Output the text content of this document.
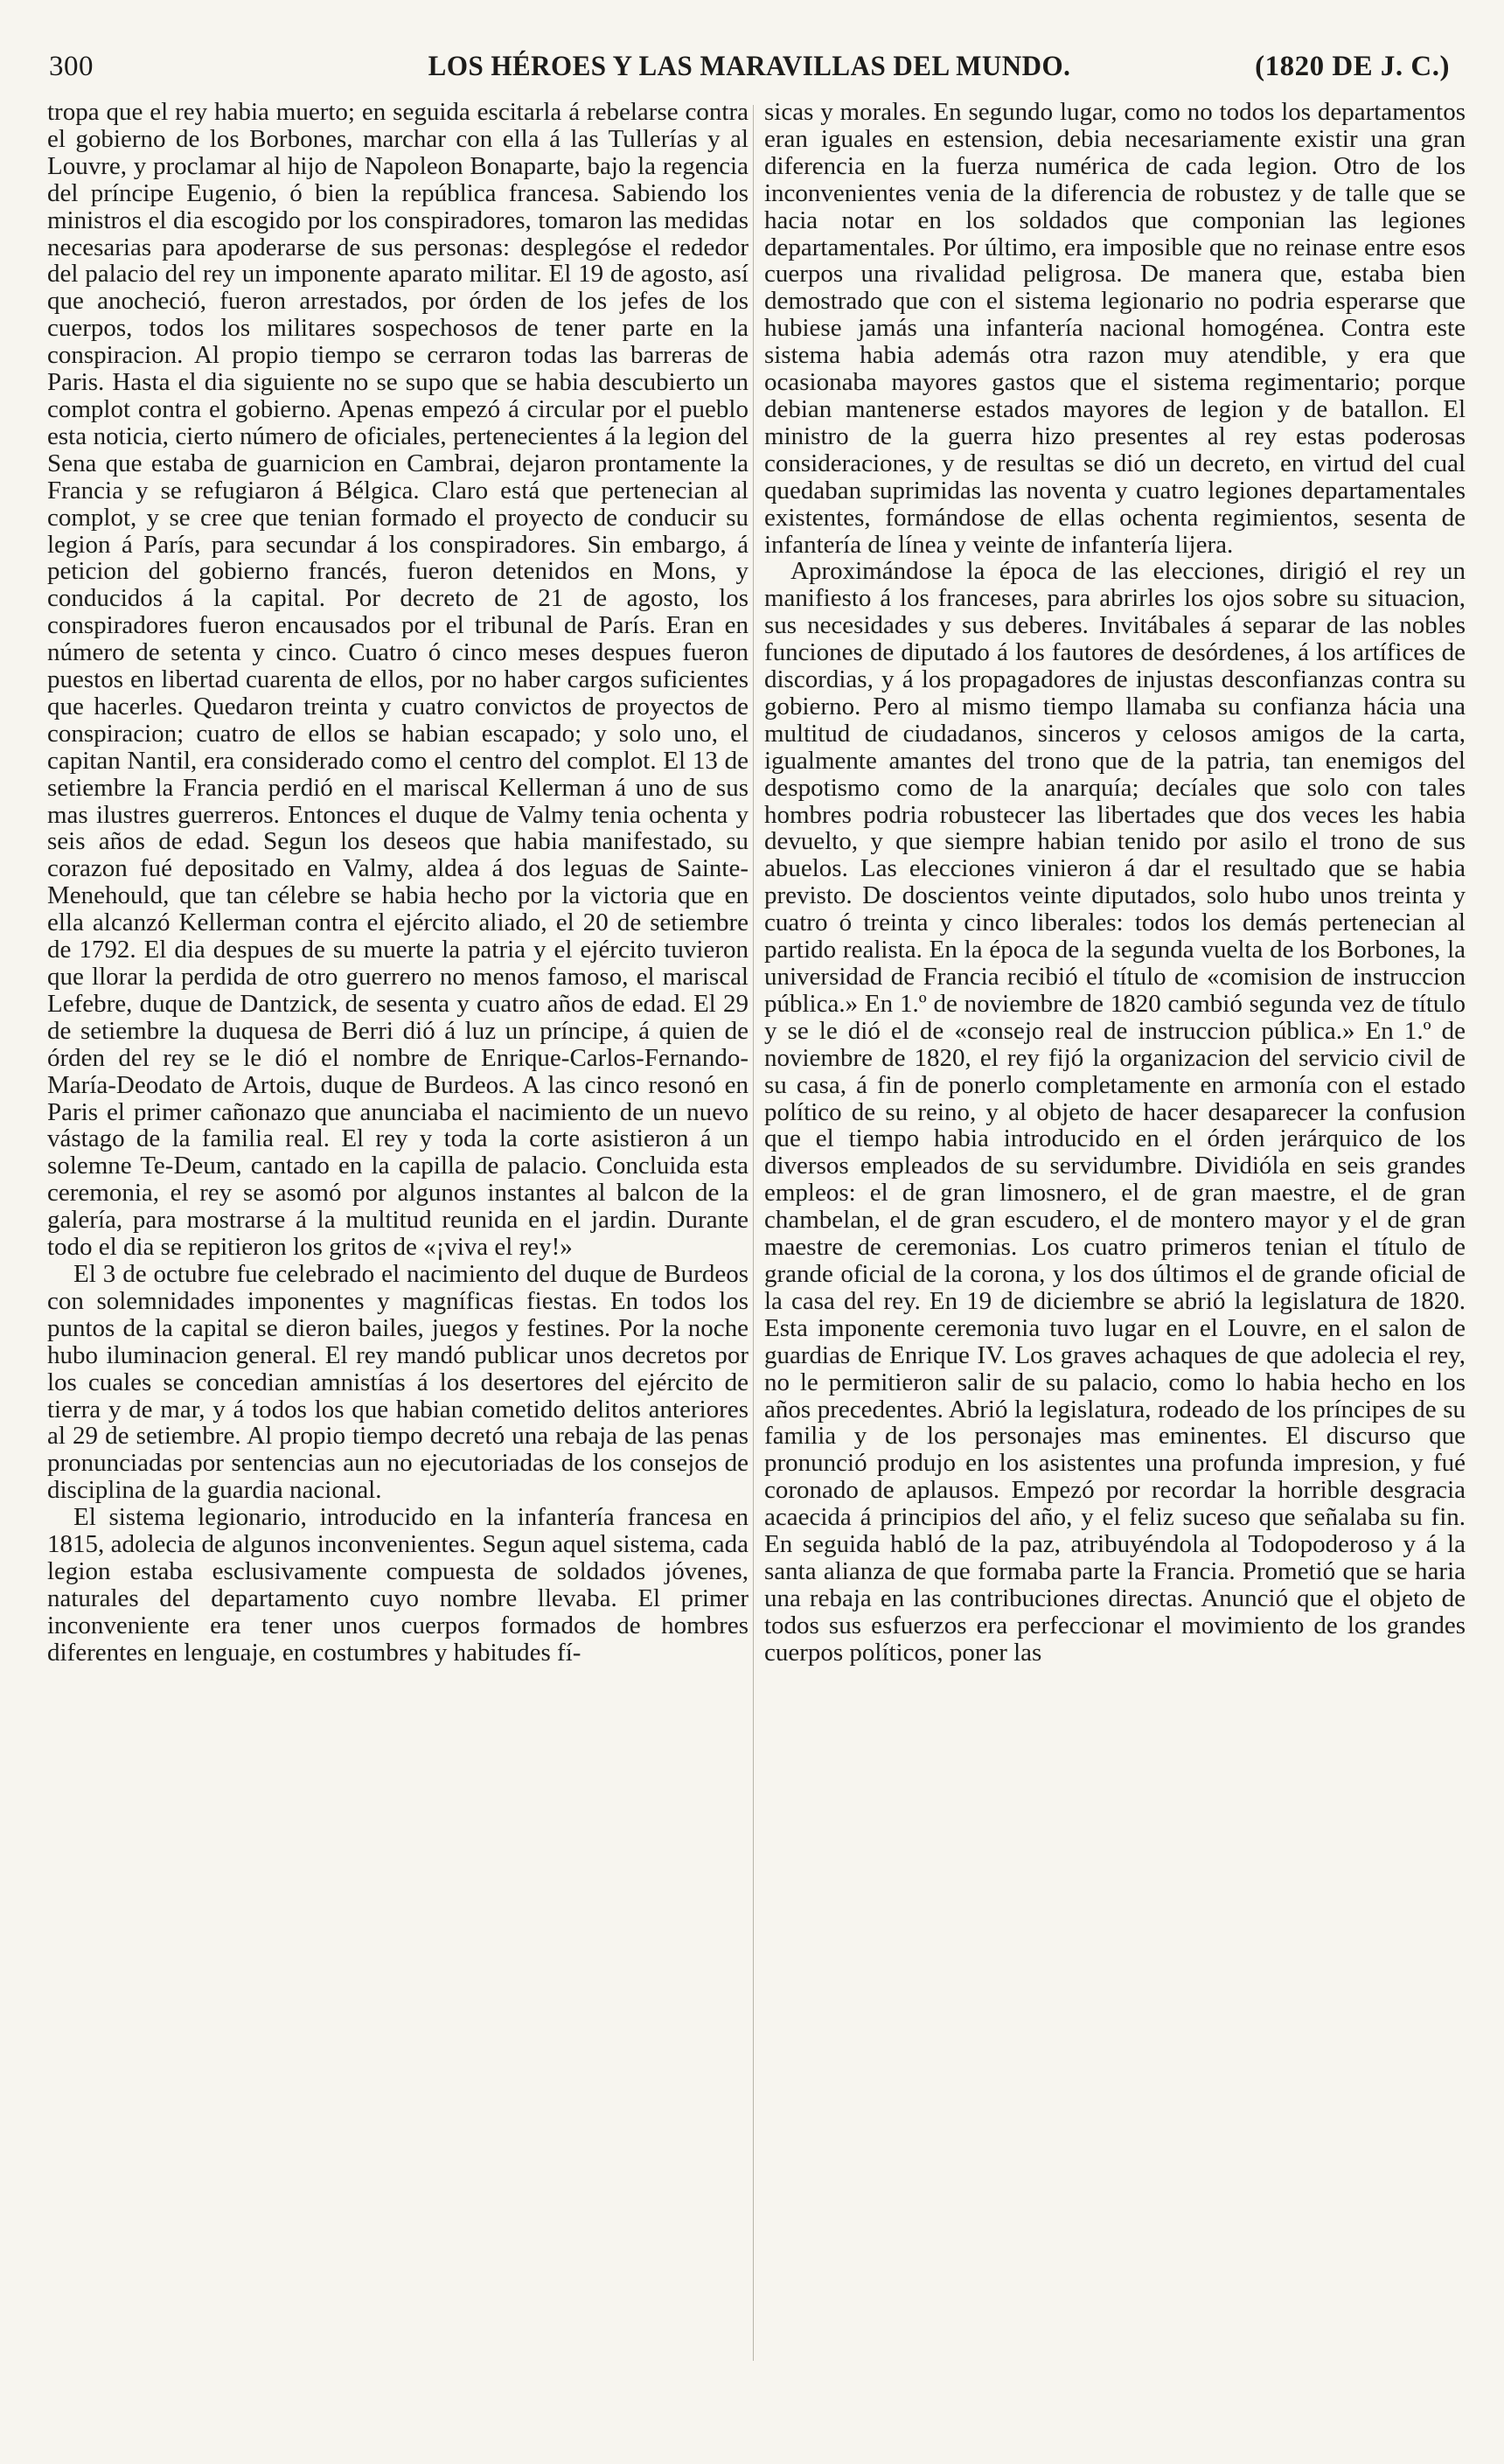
300	LOS HÉROES Y LAS MARAVILLAS DEL MUNDO.	(1820 DE J. C.)

tropa que el rey habia muerto; en seguida escitarla á rebelarse contra el gobierno de los Borbones, marchar con ella á las Tullerías y al Louvre, y proclamar al hijo de Napoleon Bonaparte, bajo la regencia del príncipe Eugenio, ó bien la república francesa. Sabiendo los ministros el dia escogido por los conspiradores, tomaron las medidas necesarias para apoderarse de sus personas: desplegóse el rededor del palacio del rey un imponente aparato militar. El 19 de agosto, así que anocheció, fueron arrestados, por órden de los jefes de los cuerpos, todos los militares sospechosos de tener parte en la conspiracion. Al propio tiempo se cerraron todas las barreras de Paris. Hasta el dia siguiente no se supo que se habia descubierto un complot contra el gobierno. Apenas empezó á circular por el pueblo esta noticia, cierto número de oficiales, pertenecientes á la legion del Sena que estaba de guarnicion en Cambrai, dejaron prontamente la Francia y se refugiaron á Bélgica. Claro está que pertenecian al complot, y se cree que tenian formado el proyecto de conducir su legion á París, para secundar á los conspiradores. Sin embargo, á peticion del gobierno francés, fueron detenidos en Mons, y conducidos á la capital. Por decreto de 21 de agosto, los conspiradores fueron encausados por el tribunal de París. Eran en número de setenta y cinco. Cuatro ó cinco meses despues fueron puestos en libertad cuarenta de ellos, por no haber cargos suficientes que hacerles. Quedaron treinta y cuatro convictos de proyectos de conspiracion; cuatro de ellos se habian escapado; y solo uno, el capitan Nantil, era considerado como el centro del complot. El 13 de setiembre la Francia perdió en el mariscal Kellerman á uno de sus mas ilustres guerreros. Entonces el duque de Valmy tenia ochenta y seis años de edad. Segun los deseos que habia manifestado, su corazon fué depositado en Valmy, aldea á dos leguas de Sainte-Menehould, que tan célebre se habia hecho por la victoria que en ella alcanzó Kellerman contra el ejército aliado, el 20 de setiembre de 1792. El dia despues de su muerte la patria y el ejército tuvieron que llorar la perdida de otro guerrero no menos famoso, el mariscal Lefebre, duque de Dantzick, de sesenta y cuatro años de edad. El 29 de setiembre la duquesa de Berri dió á luz un príncipe, á quien de órden del rey se le dió el nombre de Enrique-Carlos-Fernando-María-Deodato de Artois, duque de Burdeos. A las cinco resonó en Paris el primer cañonazo que anunciaba el nacimiento de un nuevo vástago de la familia real. El rey y toda la corte asistieron á un solemne Te-Deum, cantado en la capilla de palacio. Concluida esta ceremonia, el rey se asomó por algunos instantes al balcon de la galería, para mostrarse á la multitud reunida en el jardin. Durante todo el dia se repitieron los gritos de «¡viva el rey!»

El 3 de octubre fue celebrado el nacimiento del duque de Burdeos con solemnidades imponentes y magníficas fiestas. En todos los puntos de la capital se dieron bailes, juegos y festines. Por la noche hubo iluminacion general. El rey mandó publicar unos decretos por los cuales se concedian amnistías á los desertores del ejército de tierra y de mar, y á todos los que habian cometido delitos anteriores al 29 de setiembre. Al propio tiempo decretó una rebaja de las penas pronunciadas por sentencias aun no ejecutoriadas de los consejos de disciplina de la guardia nacional.

El sistema legionario, introducido en la infantería francesa en 1815, adolecia de algunos inconvenientes. Segun aquel sistema, cada legion estaba esclusivamente compuesta de soldados jóvenes, naturales del departamento cuyo nombre llevaba. El primer inconveniente era tener unos cuerpos formados de hombres diferentes en lenguaje, en costumbres y habitudes fí-

sicas y morales. En segundo lugar, como no todos los departamentos eran iguales en estension, debia necesariamente existir una gran diferencia en la fuerza numérica de cada legion. Otro de los inconvenientes venia de la diferencia de robustez y de talle que se hacia notar en los soldados que componian las legiones departamentales. Por último, era imposible que no reinase entre esos cuerpos una rivalidad peligrosa. De manera que, estaba bien demostrado que con el sistema legionario no podria esperarse que hubiese jamás una infantería nacional homogénea. Contra este sistema habia además otra razon muy atendible, y era que ocasionaba mayores gastos que el sistema regimentario; porque debian mantenerse estados mayores de legion y de batallon. El ministro de la guerra hizo presentes al rey estas poderosas consideraciones, y de resultas se dió un decreto, en virtud del cual quedaban suprimidas las noventa y cuatro legiones departamentales existentes, formándose de ellas ochenta regimientos, sesenta de infantería de línea y veinte de infantería lijera.

Aproximándose la época de las elecciones, dirigió el rey un manifiesto á los franceses, para abrirles los ojos sobre su situacion, sus necesidades y sus deberes. Invitábales á separar de las nobles funciones de diputado á los fautores de desórdenes, á los artífices de discordias, y á los propagadores de injustas desconfianzas contra su gobierno. Pero al mismo tiempo llamaba su confianza hácia una multitud de ciudadanos, sinceros y celosos amigos de la carta, igualmente amantes del trono que de la patria, tan enemigos del despotismo como de la anarquía; decíales que solo con tales hombres podria robustecer las libertades que dos veces les habia devuelto, y que siempre habian tenido por asilo el trono de sus abuelos. Las elecciones vinieron á dar el resultado que se habia previsto. De doscientos veinte diputados, solo hubo unos treinta y cuatro ó treinta y cinco liberales: todos los demás pertenecian al partido realista. En la época de la segunda vuelta de los Borbones, la universidad de Francia recibió el título de «comision de instruccion pública.» En 1.º de noviembre de 1820 cambió segunda vez de título y se le dió el de «consejo real de instruccion pública.» En 1.º de noviembre de 1820, el rey fijó la organizacion del servicio civil de su casa, á fin de ponerlo completamente en armonía con el estado político de su reino, y al objeto de hacer desaparecer la confusion que el tiempo habia introducido en el órden jerárquico de los diversos empleados de su servidumbre. Dividióla en seis grandes empleos: el de gran limosnero, el de gran maestre, el de gran chambelan, el de gran escudero, el de montero mayor y el de gran maestre de ceremonias. Los cuatro primeros tenian el título de grande oficial de la corona, y los dos últimos el de grande oficial de la casa del rey. En 19 de diciembre se abrió la legislatura de 1820. Esta imponente ceremonia tuvo lugar en el Louvre, en el salon de guardias de Enrique IV. Los graves achaques de que adolecia el rey, no le permitieron salir de su palacio, como lo habia hecho en los años precedentes. Abrió la legislatura, rodeado de los príncipes de su familia y de los personajes mas eminentes. El discurso que pronunció produjo en los asistentes una profunda impresion, y fué coronado de aplausos. Empezó por recordar la horrible desgracia acaecida á principios del año, y el feliz suceso que señalaba su fin. En seguida habló de la paz, atribuyéndola al Todopoderoso y á la santa alianza de que formaba parte la Francia. Prometió que se haria una rebaja en las contribuciones directas. Anunció que el objeto de todos sus esfuerzos era perfeccionar el movimiento de los grandes cuerpos políticos, poner las
